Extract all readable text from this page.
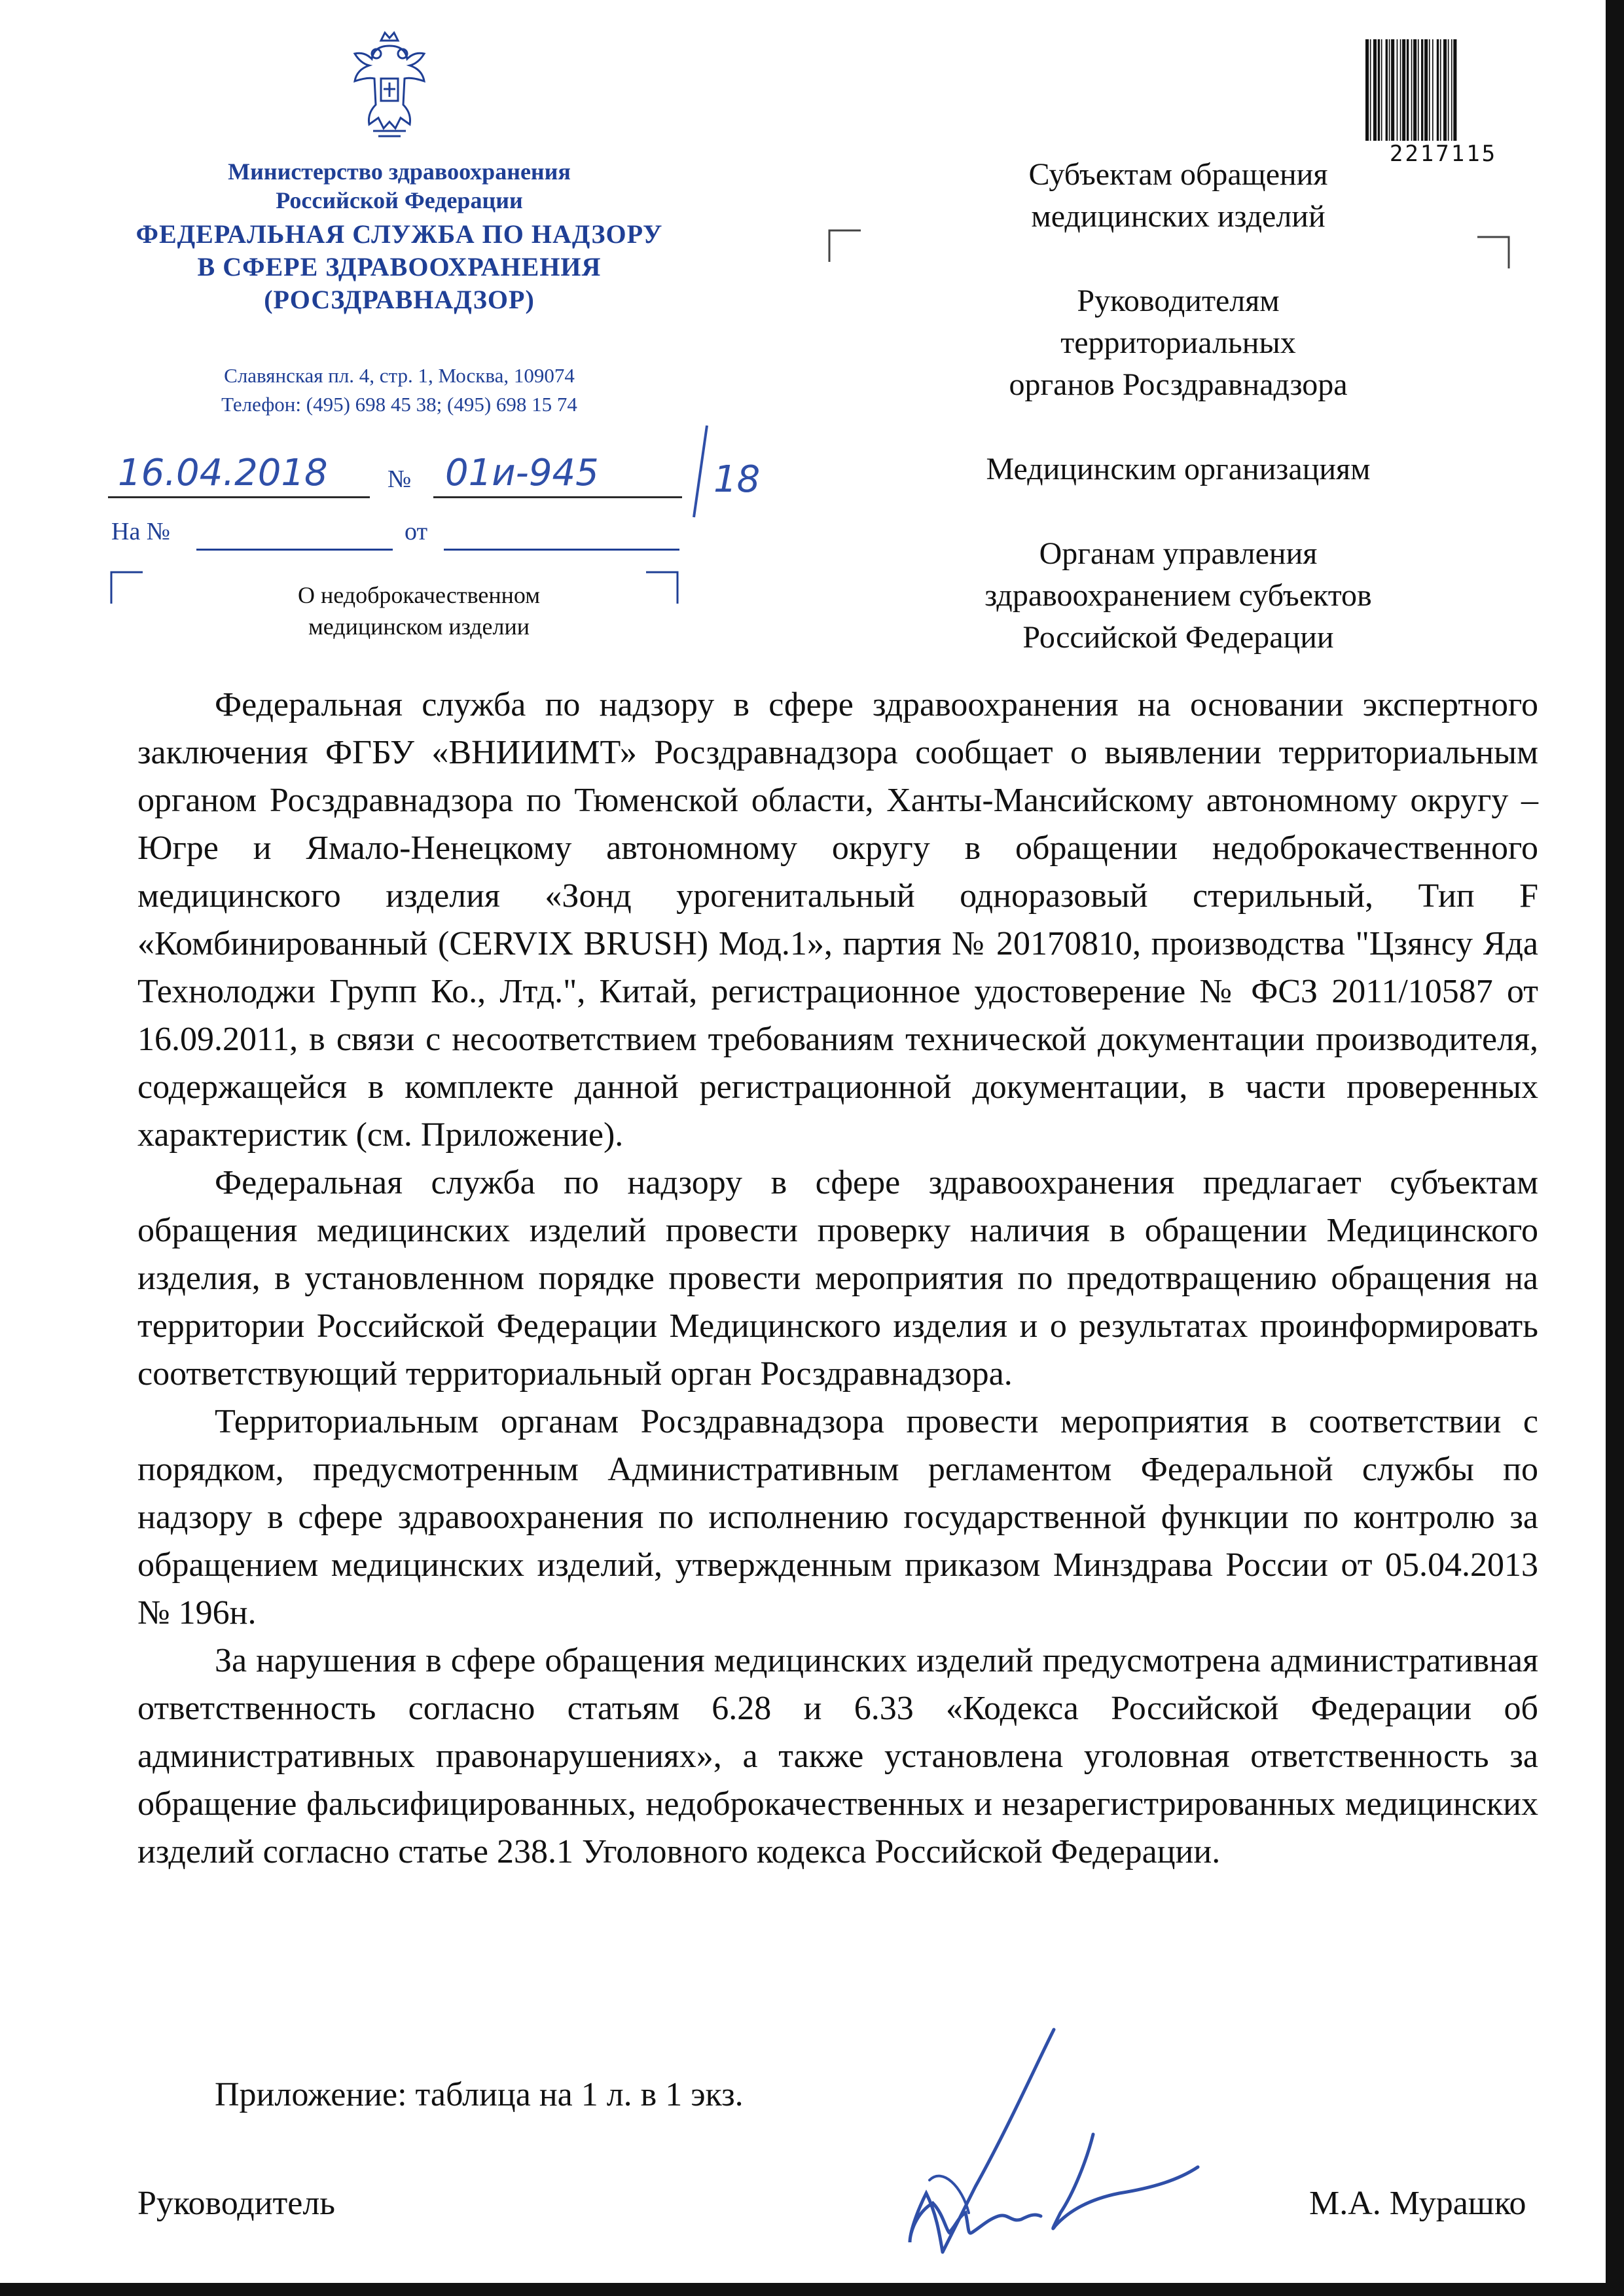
Министерство здравоохранения
Российской Федерации
ФЕДЕРАЛЬНАЯ СЛУЖБА ПО НАДЗОРУ
В СФЕРЕ ЗДРАВООХРАНЕНИЯ
(РОСЗДРАВНАДЗОР)
Славянская пл. 4, стр. 1, Москва, 109074
Телефон: (495) 698 45 38; (495) 698 15 74
16.04.2018 № 01и-945	18
На №	от
О недоброкачественном
медицинском изделии

Субъектам обращения
медицинских изделий

Руководителям
территориальных
органов Росздравнадзора

Медицинским организациям

Органам управления
здравоохранением субъектов
Российской Федерации

2217115

Федеральная служба по надзору в сфере здравоохранения на основании экспертного заключения ФГБУ «ВНИИИМТ» Росздравнадзора сообщает о выявлении территориальным органом Росздравнадзора по Тюменской области, Ханты-Мансийскому автономному округу – Югре и Ямало-Ненецкому автономному округу в обращении недоброкачественного медицинского изделия «Зонд урогенитальный одноразовый стерильный, Тип F «Комбинированный (CERVIX BRUSH) Мод.1», партия № 20170810, производства "Цзянсу Яда Технолоджи Групп Ко., Лтд.", Китай, регистрационное удостоверение № ФСЗ 2011/10587 от 16.09.2011, в связи с несоответствием требованиям технической документации производителя, содержащейся в комплекте данной регистрационной документации, в части проверенных характеристик (см. Приложение).

Федеральная служба по надзору в сфере здравоохранения предлагает субъектам обращения медицинских изделий провести проверку наличия в обращении Медицинского изделия, в установленном порядке провести мероприятия по предотвращению обращения на территории Российской Федерации Медицинского изделия и о результатах проинформировать соответствующий территориальный орган Росздравнадзора.

Территориальным органам Росздравнадзора провести мероприятия в соответствии с порядком, предусмотренным Административным регламентом Федеральной службы по надзору в сфере здравоохранения по исполнению государственной функции по контролю за обращением медицинских изделий, утвержденным приказом Минздрава России от 05.04.2013 № 196н.

За нарушения в сфере обращения медицинских изделий предусмотрена административная ответственность согласно статьям 6.28 и 6.33 «Кодекса Российской Федерации об административных правонарушениях», а также установлена уголовная ответственность за обращение фальсифицированных, недоброкачественных и незарегистрированных медицинских изделий согласно статье 238.1 Уголовного кодекса Российской Федерации.

Приложение: таблица на 1 л. в 1 экз.
Руководитель	М.А. Мурашко
